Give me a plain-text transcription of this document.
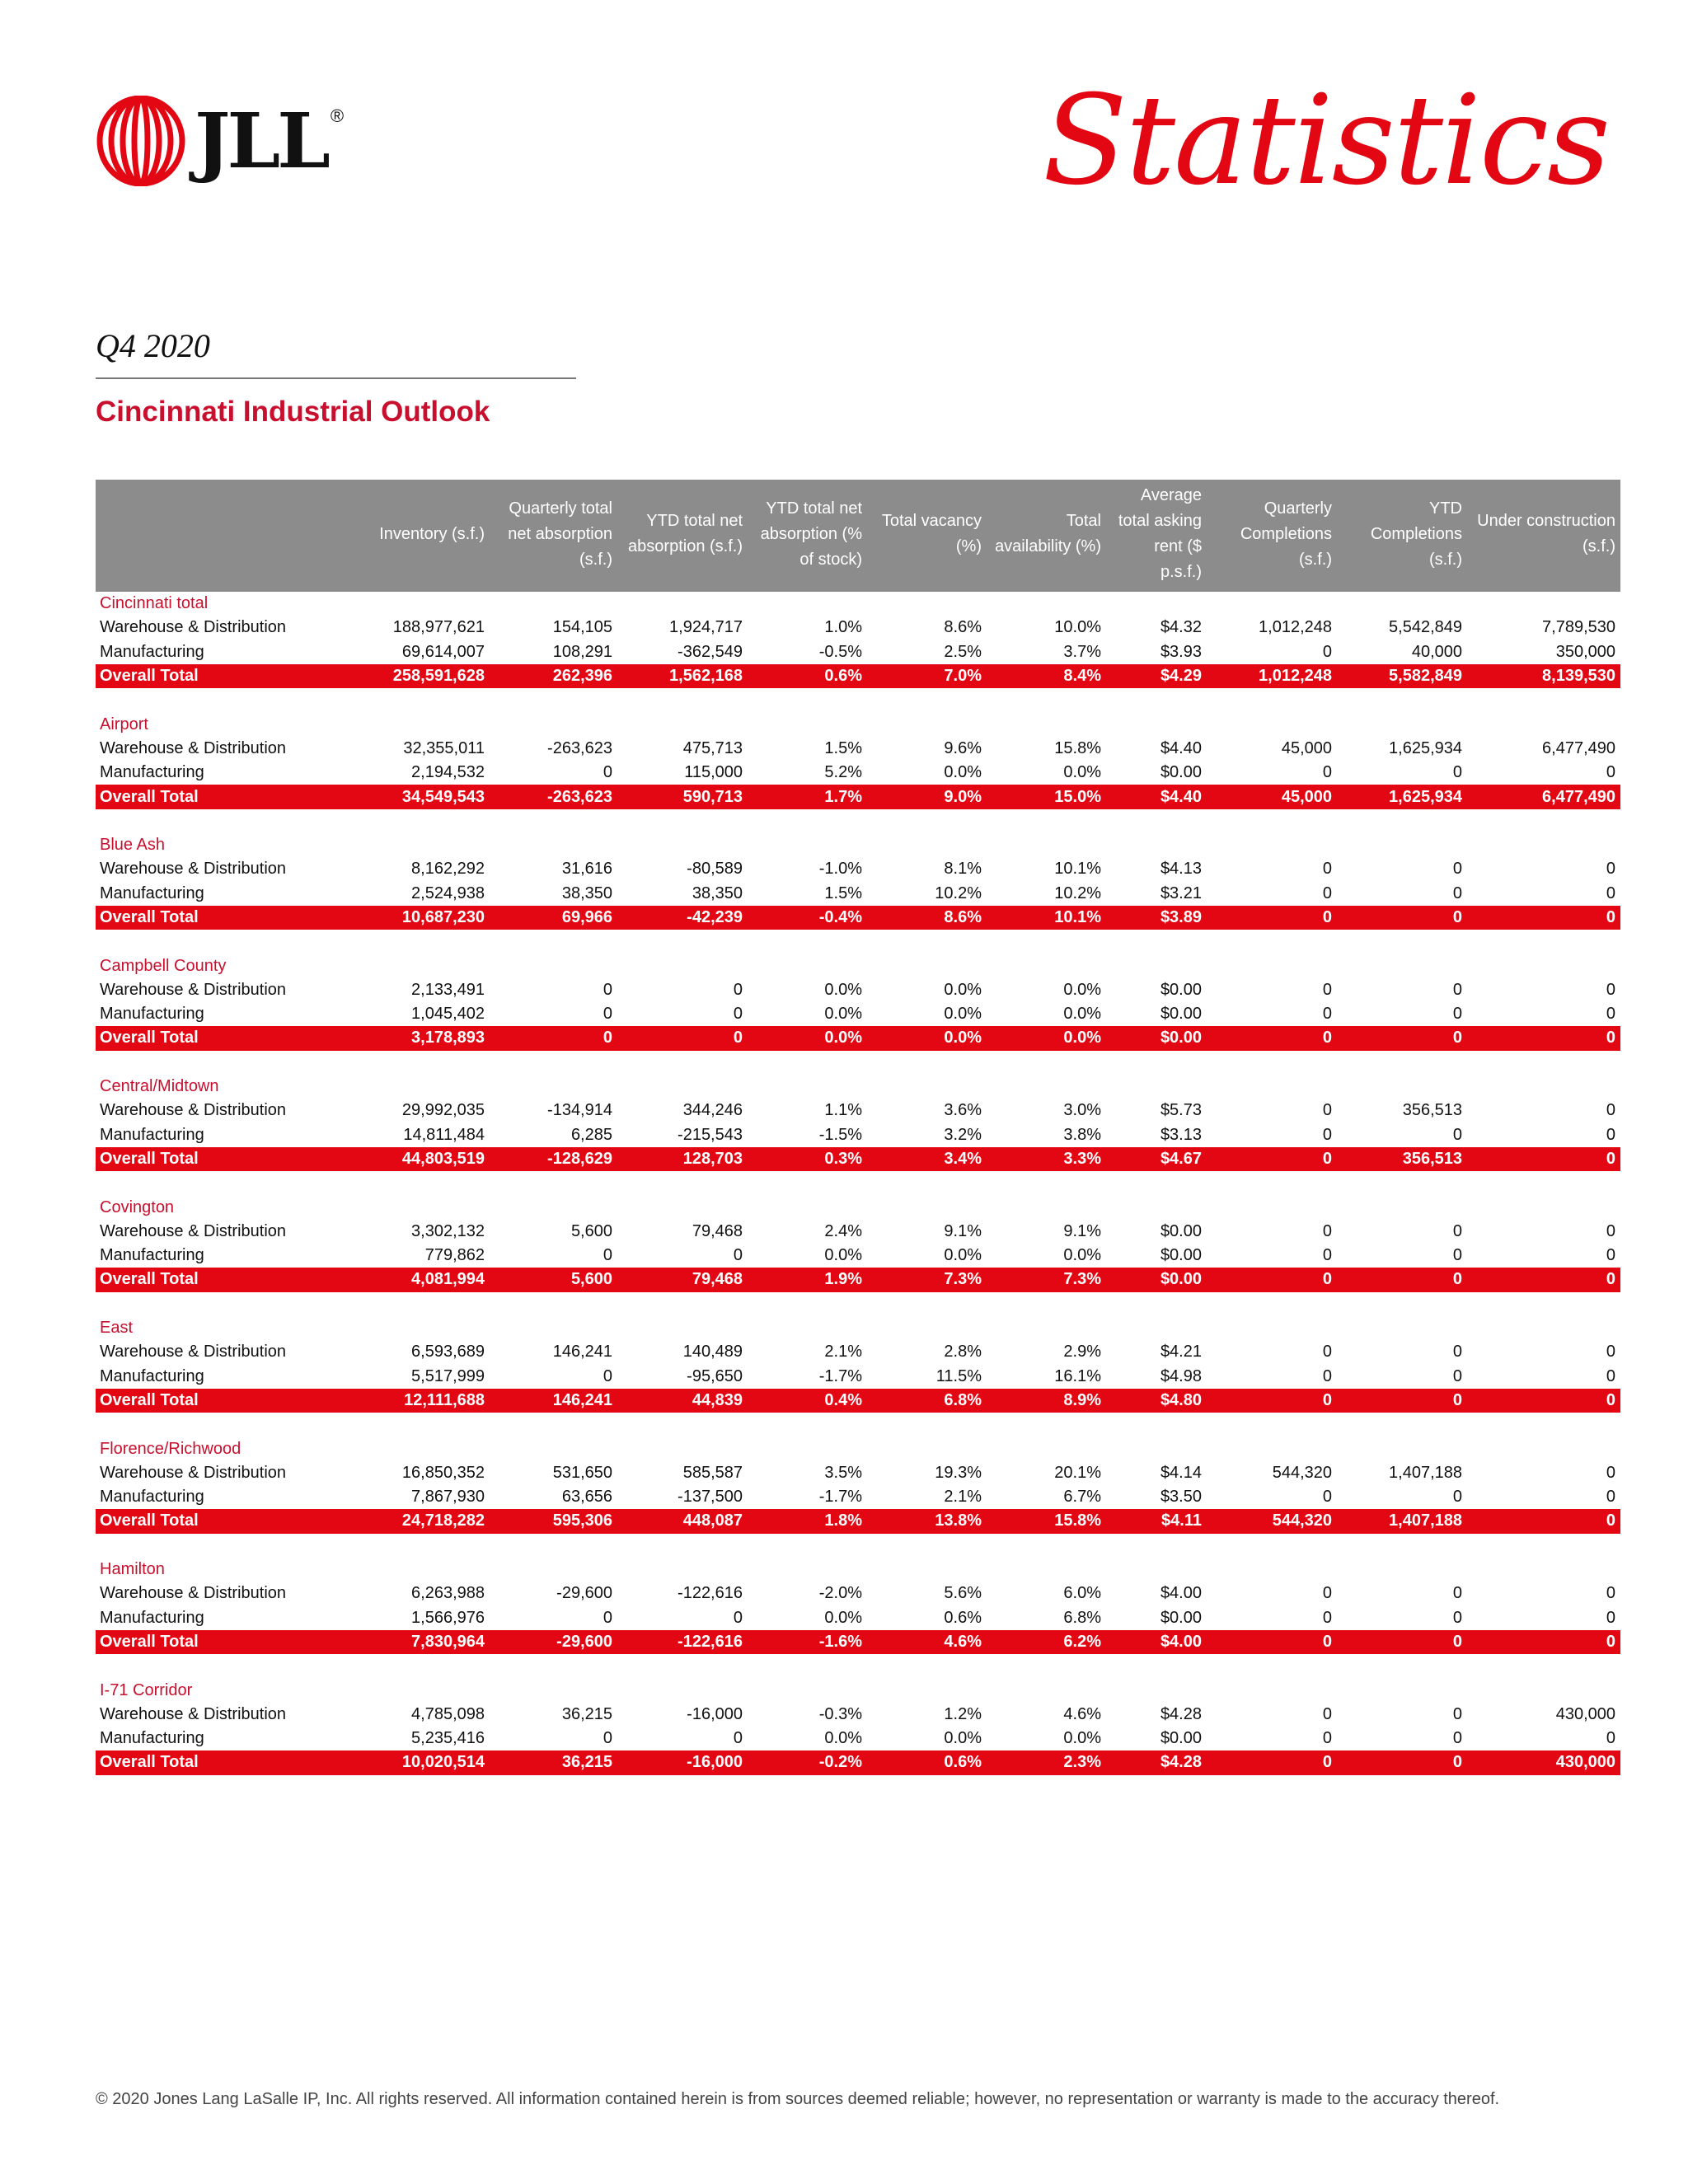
JLL ®	Statistics
Q4 2020
Cincinnati Industrial Outlook
	Inventory (s.f.)	Quarterly total net absorption (s.f.)	YTD total net absorption (s.f.)	YTD total net absorption (% of stock)	Total vacancy (%)	Total availability (%)	Average total asking rent ($ p.s.f.)	Quarterly Completions (s.f.)	YTD Completions (s.f.)	Under construction (s.f.)
Cincinnati total										
Warehouse & Distribution	188,977,621	154,105	1,924,717	1.0%	8.6%	10.0%	$4.32	1,012,248	5,542,849	7,789,530
Manufacturing	69,614,007	108,291	-362,549	-0.5%	2.5%	3.7%	$3.93	0	40,000	350,000
Overall Total	258,591,628	262,396	1,562,168	0.6%	7.0%	8.4%	$4.29	1,012,248	5,582,849	8,139,530

Airport										
Warehouse & Distribution	32,355,011	-263,623	475,713	1.5%	9.6%	15.8%	$4.40	45,000	1,625,934	6,477,490
Manufacturing	2,194,532	0	115,000	5.2%	0.0%	0.0%	$0.00	0	0	0
Overall Total	34,549,543	-263,623	590,713	1.7%	9.0%	15.0%	$4.40	45,000	1,625,934	6,477,490

Blue Ash										
Warehouse & Distribution	8,162,292	31,616	-80,589	-1.0%	8.1%	10.1%	$4.13	0	0	0
Manufacturing	2,524,938	38,350	38,350	1.5%	10.2%	10.2%	$3.21	0	0	0
Overall Total	10,687,230	69,966	-42,239	-0.4%	8.6%	10.1%	$3.89	0	0	0

Campbell County										
Warehouse & Distribution	2,133,491	0	0	0.0%	0.0%	0.0%	$0.00	0	0	0
Manufacturing	1,045,402	0	0	0.0%	0.0%	0.0%	$0.00	0	0	0
Overall Total	3,178,893	0	0	0.0%	0.0%	0.0%	$0.00	0	0	0

Central/Midtown										
Warehouse & Distribution	29,992,035	-134,914	344,246	1.1%	3.6%	3.0%	$5.73	0	356,513	0
Manufacturing	14,811,484	6,285	-215,543	-1.5%	3.2%	3.8%	$3.13	0	0	0
Overall Total	44,803,519	-128,629	128,703	0.3%	3.4%	3.3%	$4.67	0	356,513	0

Covington										
Warehouse & Distribution	3,302,132	5,600	79,468	2.4%	9.1%	9.1%	$0.00	0	0	0
Manufacturing	779,862	0	0	0.0%	0.0%	0.0%	$0.00	0	0	0
Overall Total	4,081,994	5,600	79,468	1.9%	7.3%	7.3%	$0.00	0	0	0

East										
Warehouse & Distribution	6,593,689	146,241	140,489	2.1%	2.8%	2.9%	$4.21	0	0	0
Manufacturing	5,517,999	0	-95,650	-1.7%	11.5%	16.1%	$4.98	0	0	0
Overall Total	12,111,688	146,241	44,839	0.4%	6.8%	8.9%	$4.80	0	0	0

Florence/Richwood										
Warehouse & Distribution	16,850,352	531,650	585,587	3.5%	19.3%	20.1%	$4.14	544,320	1,407,188	0
Manufacturing	7,867,930	63,656	-137,500	-1.7%	2.1%	6.7%	$3.50	0	0	0
Overall Total	24,718,282	595,306	448,087	1.8%	13.8%	15.8%	$4.11	544,320	1,407,188	0

Hamilton										
Warehouse & Distribution	6,263,988	-29,600	-122,616	-2.0%	5.6%	6.0%	$4.00	0	0	0
Manufacturing	1,566,976	0	0	0.0%	0.6%	6.8%	$0.00	0	0	0
Overall Total	7,830,964	-29,600	-122,616	-1.6%	4.6%	6.2%	$4.00	0	0	0

I-71 Corridor										
Warehouse & Distribution	4,785,098	36,215	-16,000	-0.3%	1.2%	4.6%	$4.28	0	0	430,000
Manufacturing	5,235,416	0	0	0.0%	0.0%	0.0%	$0.00	0	0	0
Overall Total	10,020,514	36,215	-16,000	-0.2%	0.6%	2.3%	$4.28	0	0	430,000
© 2020 Jones Lang LaSalle IP, Inc. All rights reserved. All information contained herein is from sources deemed reliable; however, no representation or warranty is made to the accuracy thereof.
